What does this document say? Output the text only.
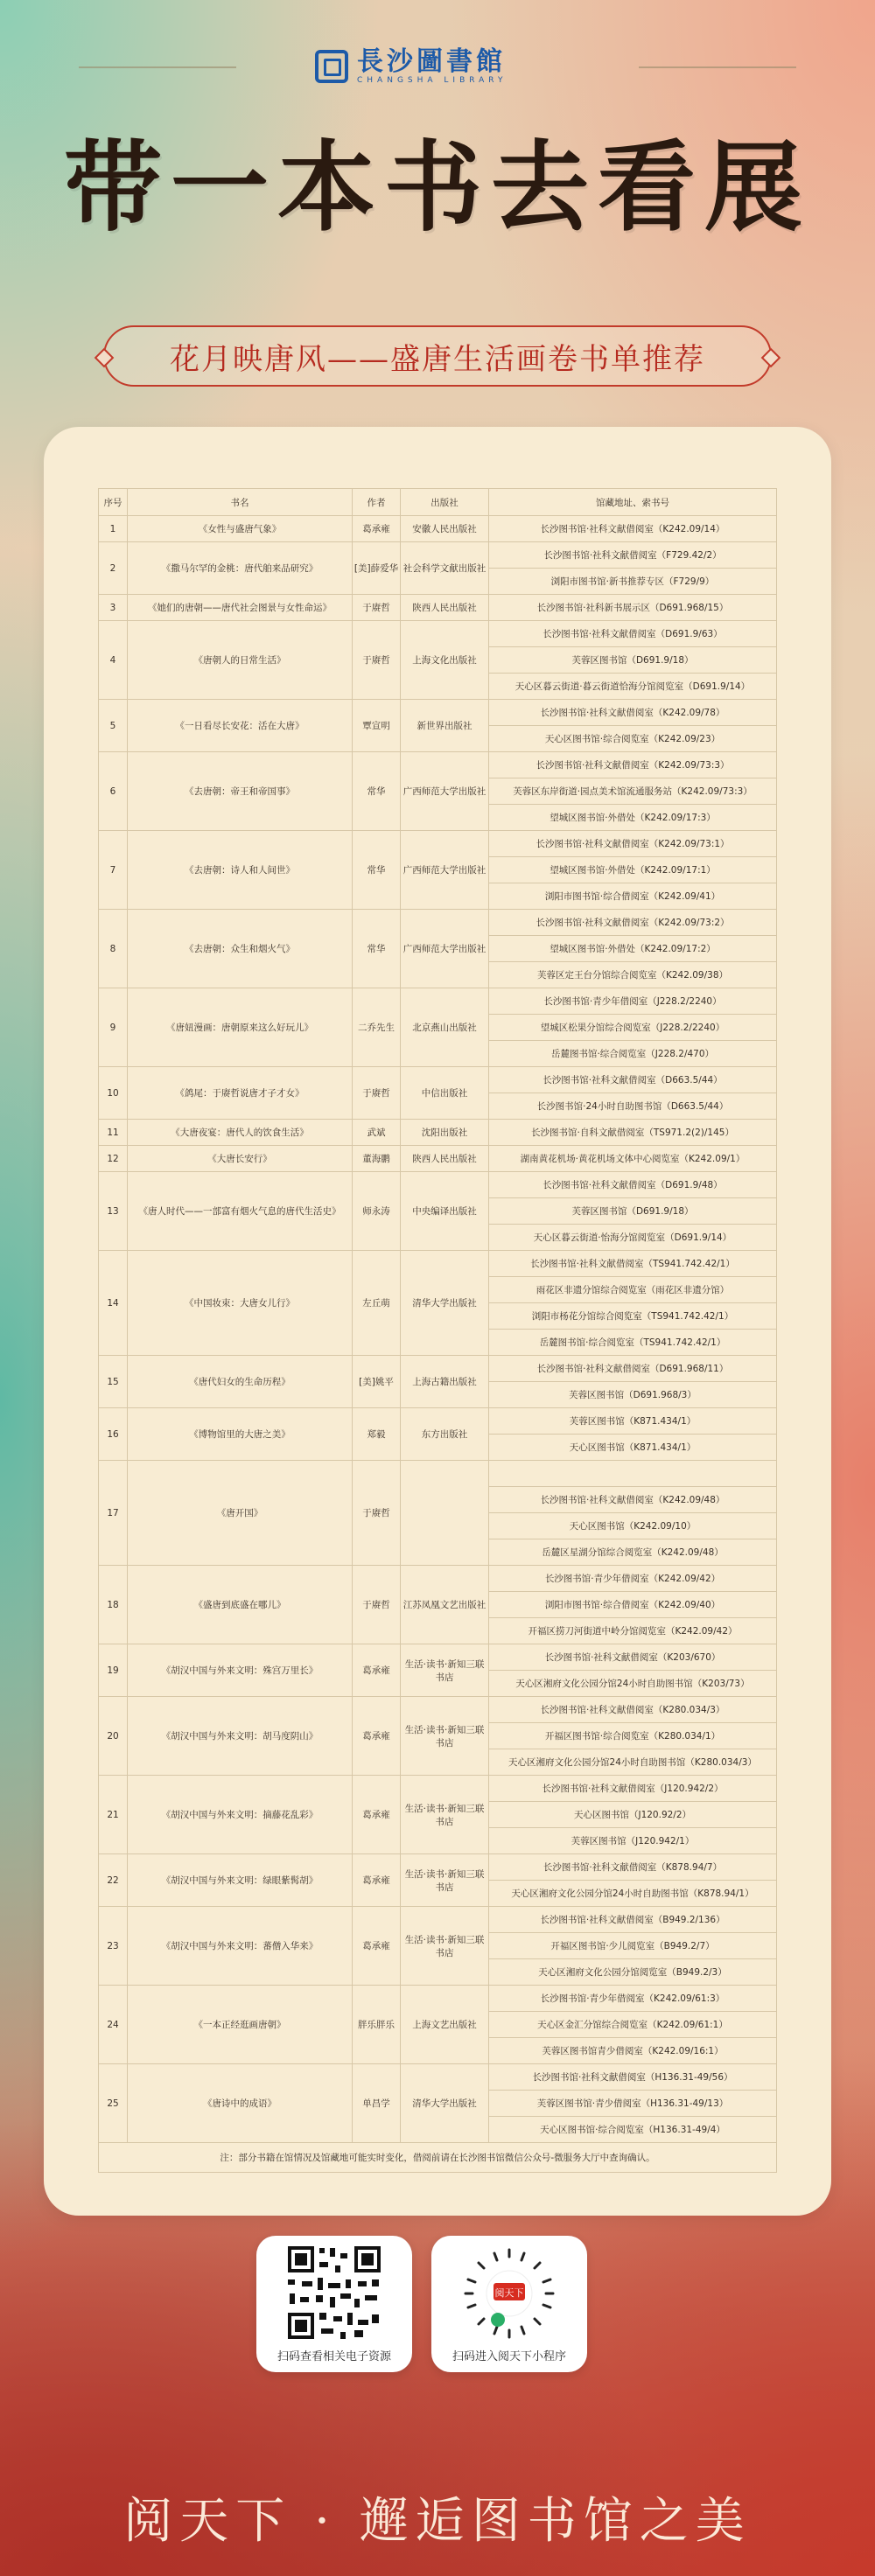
長沙圖書館
CHANGSHA LIBRARY
带一本书去看展
花月映唐风——盛唐生活画卷书单推荐
序号	书名	作者	出版社	馆藏地址、索书号
1	《女性与盛唐气象》	葛承雍	安徽人民出版社	长沙图书馆·社科文献借阅室（K242.09/14）
2	《撒马尔罕的金桃：唐代舶来品研究》	[美]薛爱华	社会科学文献出版社	长沙图书馆·社科文献借阅室（F729.42/2）
				浏阳市图书馆·新书推荐专区（F729/9）
3	《她们的唐朝——唐代社会图景与女性命运》	于赓哲	陕西人民出版社	长沙图书馆·社科新书展示区（D691.968/15）
4	《唐朝人的日常生活》	于赓哲	上海文化出版社	长沙图书馆·社科文献借阅室（D691.9/63）
				芙蓉区图书馆（D691.9/18）
				天心区暮云街道·暮云街道恰海分馆阅览室（D691.9/14）
5	《一日看尽长安花：活在大唐》	覃宣明	新世界出版社	长沙图书馆·社科文献借阅室（K242.09/78）
				天心区图书馆·综合阅览室（K242.09/23）
6	《去唐朝：帝王和帝国事》	常华	广西师范大学出版社	长沙图书馆·社科文献借阅室（K242.09/73:3）
				芙蓉区东岸街道·园点美术馆流通服务站（K242.09/73:3）
				望城区图书馆·外借处（K242.09/17:3）
7	《去唐朝：诗人和人间世》	常华	广西师范大学出版社	长沙图书馆·社科文献借阅室（K242.09/73:1）
				望城区图书馆·外借处（K242.09/17:1）
				浏阳市图书馆·综合借阅室（K242.09/41）
8	《去唐朝：众生和烟火气》	常华	广西师范大学出版社	长沙图书馆·社科文献借阅室（K242.09/73:2）
				望城区图书馆·外借处（K242.09/17:2）
				芙蓉区定王台分馆综合阅览室（K242.09/38）
9	《唐妞漫画：唐朝原来这么好玩儿》	二乔先生	北京燕山出版社	长沙图书馆·青少年借阅室（J228.2/2240）
				望城区松果分馆综合阅览室（J228.2/2240）
				岳麓图书馆·综合阅览室（J228.2/470）
10	《鸽尾：于赓哲说唐才子才女》	于赓哲	中信出版社	长沙图书馆·社科文献借阅室（D663.5/44）
				长沙图书馆·24小时自助图书馆（D663.5/44）
11	《大唐夜宴：唐代人的饮食生活》	武斌	沈阳出版社	长沙图书馆·自科文献借阅室（TS971.2(2)/145）
12	《大唐长安行》	董海鹏	陕西人民出版社	湖南黄花机场·黄花机场文体中心阅览室（K242.09/1）
13	《唐人时代——一部富有烟火气息的唐代生活史》	师永涛	中央编译出版社	长沙图书馆·社科文献借阅室（D691.9/48）
				芙蓉区图书馆（D691.9/18）
				天心区暮云街道·怡海分馆阅览室（D691.9/14）
14	《中国妆束：大唐女儿行》	左丘萌	清华大学出版社	长沙图书馆·社科文献借阅室（TS941.742.42/1）
				雨花区非遗分馆综合阅览室（雨花区非遗分馆）
				浏阳市杨花分馆综合阅览室（TS941.742.42/1）
				岳麓图书馆·综合阅览室（TS941.742.42/1）
15	《唐代妇女的生命历程》	[美]姚平	上海古籍出版社	长沙图书馆·社科文献借阅室（D691.968/11）
				芙蓉区图书馆（D691.968/3）
16	《博物馆里的大唐之美》	郑毅	东方出版社	芙蓉区图书馆（K871.434/1）
				天心区图书馆（K871.434/1）
17	《唐开国》	于赓哲		
				长沙图书馆·社科文献借阅室（K242.09/48）
				天心区图书馆（K242.09/10）
				岳麓区星湖分馆综合阅览室（K242.09/48）
18	《盛唐到底盛在哪儿》	于赓哲	江苏凤凰文艺出版社	长沙图书馆·青少年借阅室（K242.09/42）
				浏阳市图书馆·综合借阅室（K242.09/40）
				开福区捞刀河街道中岭分馆阅览室（K242.09/42）
19	《胡汉中国与外来文明：殊宫万里长》	葛承雍	生活·读书·新知三联书店	长沙图书馆·社科文献借阅室（K203/670）
				天心区湘府文化公园分馆24小时自助图书馆（K203/73）
20	《胡汉中国与外来文明：胡马度阴山》	葛承雍	生活·读书·新知三联书店	长沙图书馆·社科文献借阅室（K280.034/3）
				开福区图书馆·综合阅览室（K280.034/1）
				天心区湘府文化公园分馆24小时自助图书馆（K280.034/3）
21	《胡汉中国与外来文明：摘藤花乱彩》	葛承雍	生活·读书·新知三联书店	长沙图书馆·社科文献借阅室（J120.942/2）
				天心区图书馆（J120.92/2）
				芙蓉区图书馆（J120.942/1）
22	《胡汉中国与外来文明：绿眼紫髯胡》	葛承雍	生活·读书·新知三联书店	长沙图书馆·社科文献借阅室（K878.94/7）
				天心区湘府文化公园分馆24小时自助图书馆（K878.94/1）
23	《胡汉中国与外来文明：蕃僧入华来》	葛承雍	生活·读书·新知三联书店	长沙图书馆·社科文献借阅室（B949.2/136）
				开福区图书馆·少儿阅览室（B949.2/7）
				天心区湘府文化公园分馆阅览室（B949.2/3）
24	《一本正经逛画唐朝》	胖乐胖乐	上海文艺出版社	长沙图书馆·青少年借阅室（K242.09/61:3）
				天心区金汇分馆综合阅览室（K242.09/61:1）
				芙蓉区图书馆青少借阅室（K242.09/16:1）
25	《唐诗中的成语》	单昌学	清华大学出版社	长沙图书馆·社科文献借阅室（H136.31-49/56）
				芙蓉区图书馆·青少借阅室（H136.31-49/13）
				天心区图书馆·综合阅览室（H136.31-49/4）
注：部分书籍在馆情况及馆藏地可能实时变化，借阅前请在长沙图书馆微信公众号-微服务大厅中查询确认。				
扫码查看相关电子资源
阅天下
扫码进入阅天下小程序
阅天下 · 邂逅图书馆之美
